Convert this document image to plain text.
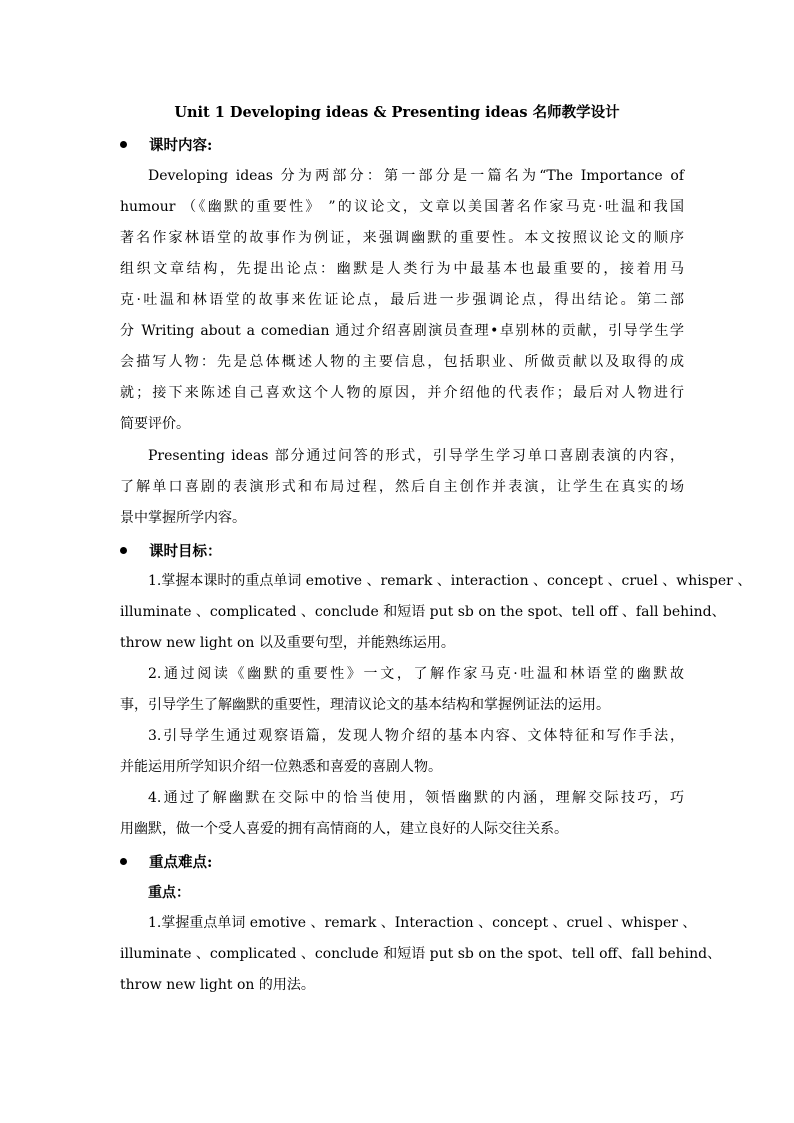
Unit 1 Developing ideas & Presenting ideas 名师教学设计
课时内容:
Developing ideas 分为两部分：第一部分是一篇名为“The Importance of
humour （《幽默的重要性》 ”的议论文，文章以美国著名作家马克·吐温和我国
著名作家林语堂的故事作为例证，来强调幽默的重要性。本文按照议论文的顺序
组织文章结构，先提出论点：幽默是人类行为中最基本也最重要的，接着用马
克·吐温和林语堂的故事来佐证论点，最后进一步强调论点，得出结论。第二部
分 Writing about a comedian 通过介绍喜剧演员查理•卓别林的贡献，引导学生学
会描写人物：先是总体概述人物的主要信息，包括职业、所做贡献以及取得的成
就；接下来陈述自己喜欢这个人物的原因，并介绍他的代表作；最后对人物进行
简要评价。
Presenting ideas 部分通过问答的形式，引导学生学习单口喜剧表演的内容，
了解单口喜剧的表演形式和布局过程，然后自主创作并表演，让学生在真实的场
景中掌握所学内容。
课时目标：
1.掌握本课时的重点单词 emotive 、remark 、interaction 、concept 、cruel 、whisper 、
illuminate 、complicated 、conclude 和短语 put sb on the spot、tell off 、fall behind、
throw new light on 以及重要句型，并能熟练运用。
2.通过阅读《幽默的重要性》一文，了解作家马克·吐温和林语堂的幽默故
事，引导学生了解幽默的重要性，理清议论文的基本结构和掌握例证法的运用。
3.引导学生通过观察语篇，发现人物介绍的基本内容、文体特征和写作手法，
并能运用所学知识介绍一位熟悉和喜爱的喜剧人物。
4.通过了解幽默在交际中的恰当使用，领悟幽默的内涵，理解交际技巧，巧
用幽默，做一个受人喜爱的拥有高情商的人，建立良好的人际交往关系。
重点难点:
重点：
1.掌握重点单词 emotive 、remark 、Interaction 、concept 、cruel 、whisper 、
illuminate 、complicated 、conclude 和短语 put sb on the spot、tell off、fall behind、
throw new light on 的用法。
